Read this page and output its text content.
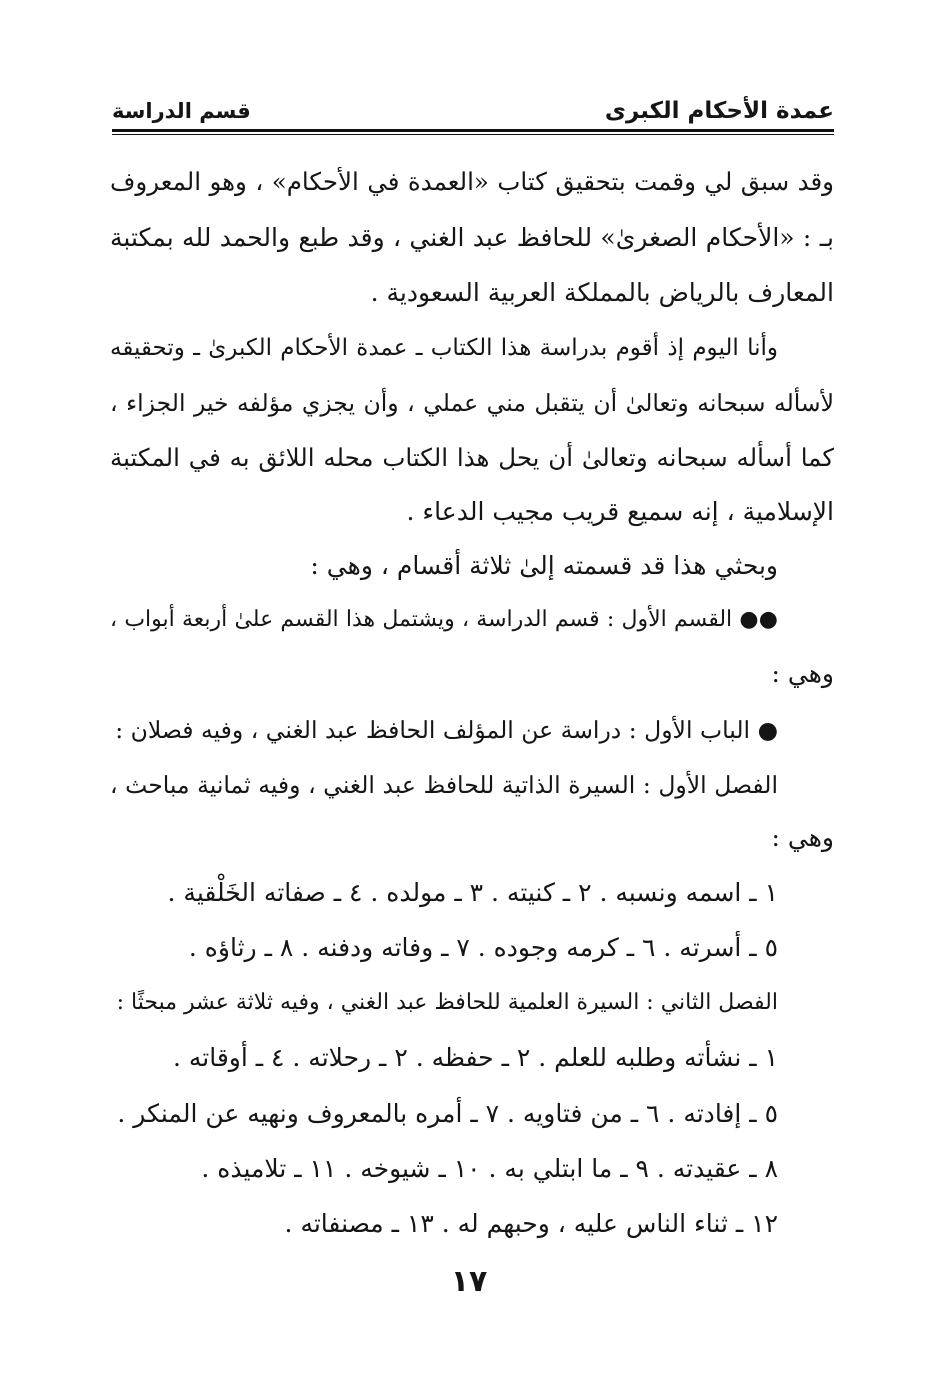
عمدة الأحكام الكبرى
قسم الدراسة
وقد سبق لي وقمت بتحقيق كتاب «العمدة في الأحكام» ، وهو المعروف
بـ : «الأحكام الصغرىٰ» للحافظ عبد الغني ، وقد طبع والحمد لله بمكتبة
المعارف بالرياض بالمملكة العربية السعودية .
وأنا اليوم إذ أقوم بدراسة هذا الكتاب ـ عمدة الأحكام الكبرىٰ ـ وتحقيقه
لأسأله سبحانه وتعالىٰ أن يتقبل مني عملي ، وأن يجزي مؤلفه خير الجزاء ،
كما أسأله سبحانه وتعالىٰ أن يحل هذا الكتاب محله اللائق به في المكتبة
الإسلامية ، إنه سميع قريب مجيب الدعاء .
وبحثي هذا قد قسمته إلىٰ ثلاثة أقسام ، وهي :
●● القسم الأول : قسم الدراسة ، ويشتمل هذا القسم علىٰ أربعة أبواب ،
وهي :
● الباب الأول : دراسة عن المؤلف الحافظ عبد الغني ، وفيه فصلان :
الفصل الأول : السيرة الذاتية للحافظ عبد الغني ، وفيه ثمانية مباحث ،
وهي :
١ ـ اسمه ونسبه . ٢ ـ كنيته . ٣ ـ مولده . ٤ ـ صفاته الخَلْقية .
٥ ـ أسرته . ٦ ـ كرمه وجوده . ٧ ـ وفاته ودفنه . ٨ ـ رثاؤه .
الفصل الثاني : السيرة العلمية للحافظ عبد الغني ، وفيه ثلاثة عشر مبحثًا :
١ ـ نشأته وطلبه للعلم . ٢ ـ حفظه . ٢ ـ رحلاته . ٤ ـ أوقاته .
٥ ـ إفادته . ٦ ـ من فتاويه . ٧ ـ أمره بالمعروف ونهيه عن المنكر .
٨ ـ عقيدته . ٩ ـ ما ابتلي به . ١٠ ـ شيوخه . ١١ ـ تلاميذه .
١٢ ـ ثناء الناس عليه ، وحبهم له . ١٣ ـ مصنفاته .
١٧
